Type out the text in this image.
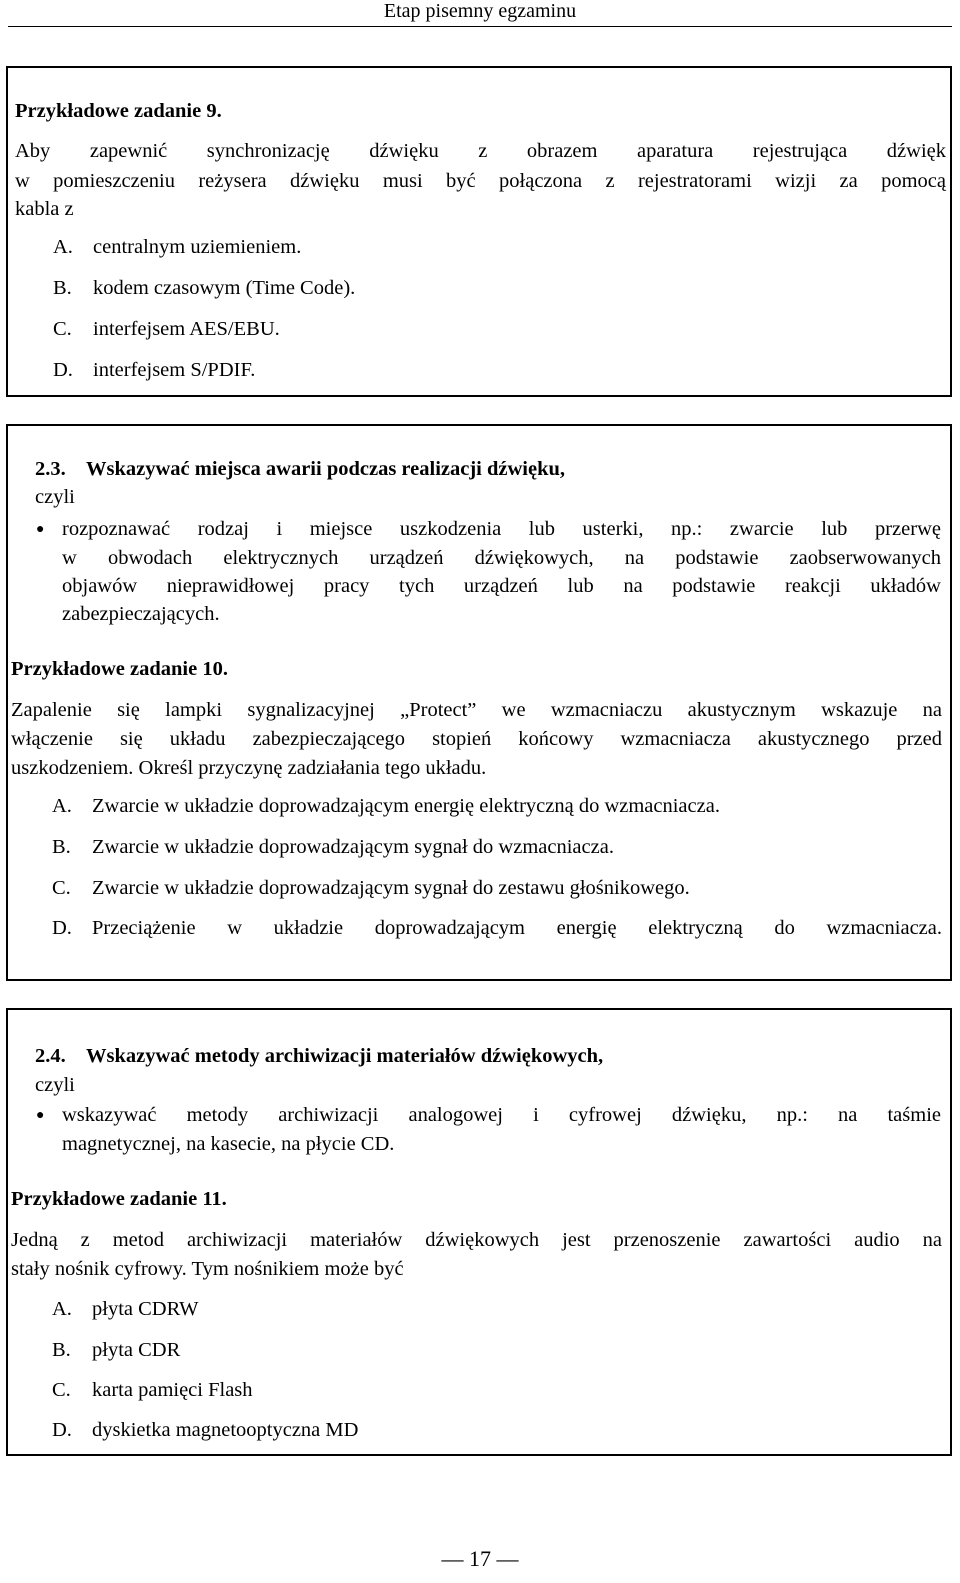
Etap pisemny egzaminu
Przykładowe zadanie 9.
Aby zapewnić synchronizację dźwięku z obrazem aparatura rejestrująca dźwięk
w pomieszczeniu reżysera dźwięku musi być połączona z rejestratorami wizji za pomocą
kabla z
A. centralnym uziemieniem.
B. kodem czasowym (Time Code).
C. interfejsem AES/EBU.
D. interfejsem S/PDIF.
2.3. Wskazywać miejsca awarii podczas realizacji dźwięku,
czyli
● rozpoznawać rodzaj i miejsce uszkodzenia lub usterki, np.: zwarcie lub przerwę
w obwodach elektrycznych urządzeń dźwiękowych, na podstawie zaobserwowanych
objawów nieprawidłowej pracy tych urządzeń lub na podstawie reakcji układów
zabezpieczających.
Przykładowe zadanie 10.
Zapalenie się lampki sygnalizacyjnej „Protect” we wzmacniaczu akustycznym wskazuje na
włączenie się układu zabezpieczającego stopień końcowy wzmacniacza akustycznego przed
uszkodzeniem. Określ przyczynę zadziałania tego układu.
A. Zwarcie w układzie doprowadzającym energię elektryczną do wzmacniacza.
B. Zwarcie w układzie doprowadzającym sygnał do wzmacniacza.
C. Zwarcie w układzie doprowadzającym sygnał do zestawu głośnikowego.
D. Przeciążenie w układzie doprowadzającym energię elektryczną do wzmacniacza.
2.4. Wskazywać metody archiwizacji materiałów dźwiękowych,
czyli
● wskazywać metody archiwizacji analogowej i cyfrowej dźwięku, np.: na taśmie
magnetycznej, na kasecie, na płycie CD.
Przykładowe zadanie 11.
Jedną z metod archiwizacji materiałów dźwiękowych jest przenoszenie zawartości audio na
stały nośnik cyfrowy. Tym nośnikiem może być
A. płyta CDRW
B. płyta CDR
C. karta pamięci Flash
D. dyskietka magnetooptyczna MD
— 17 —
